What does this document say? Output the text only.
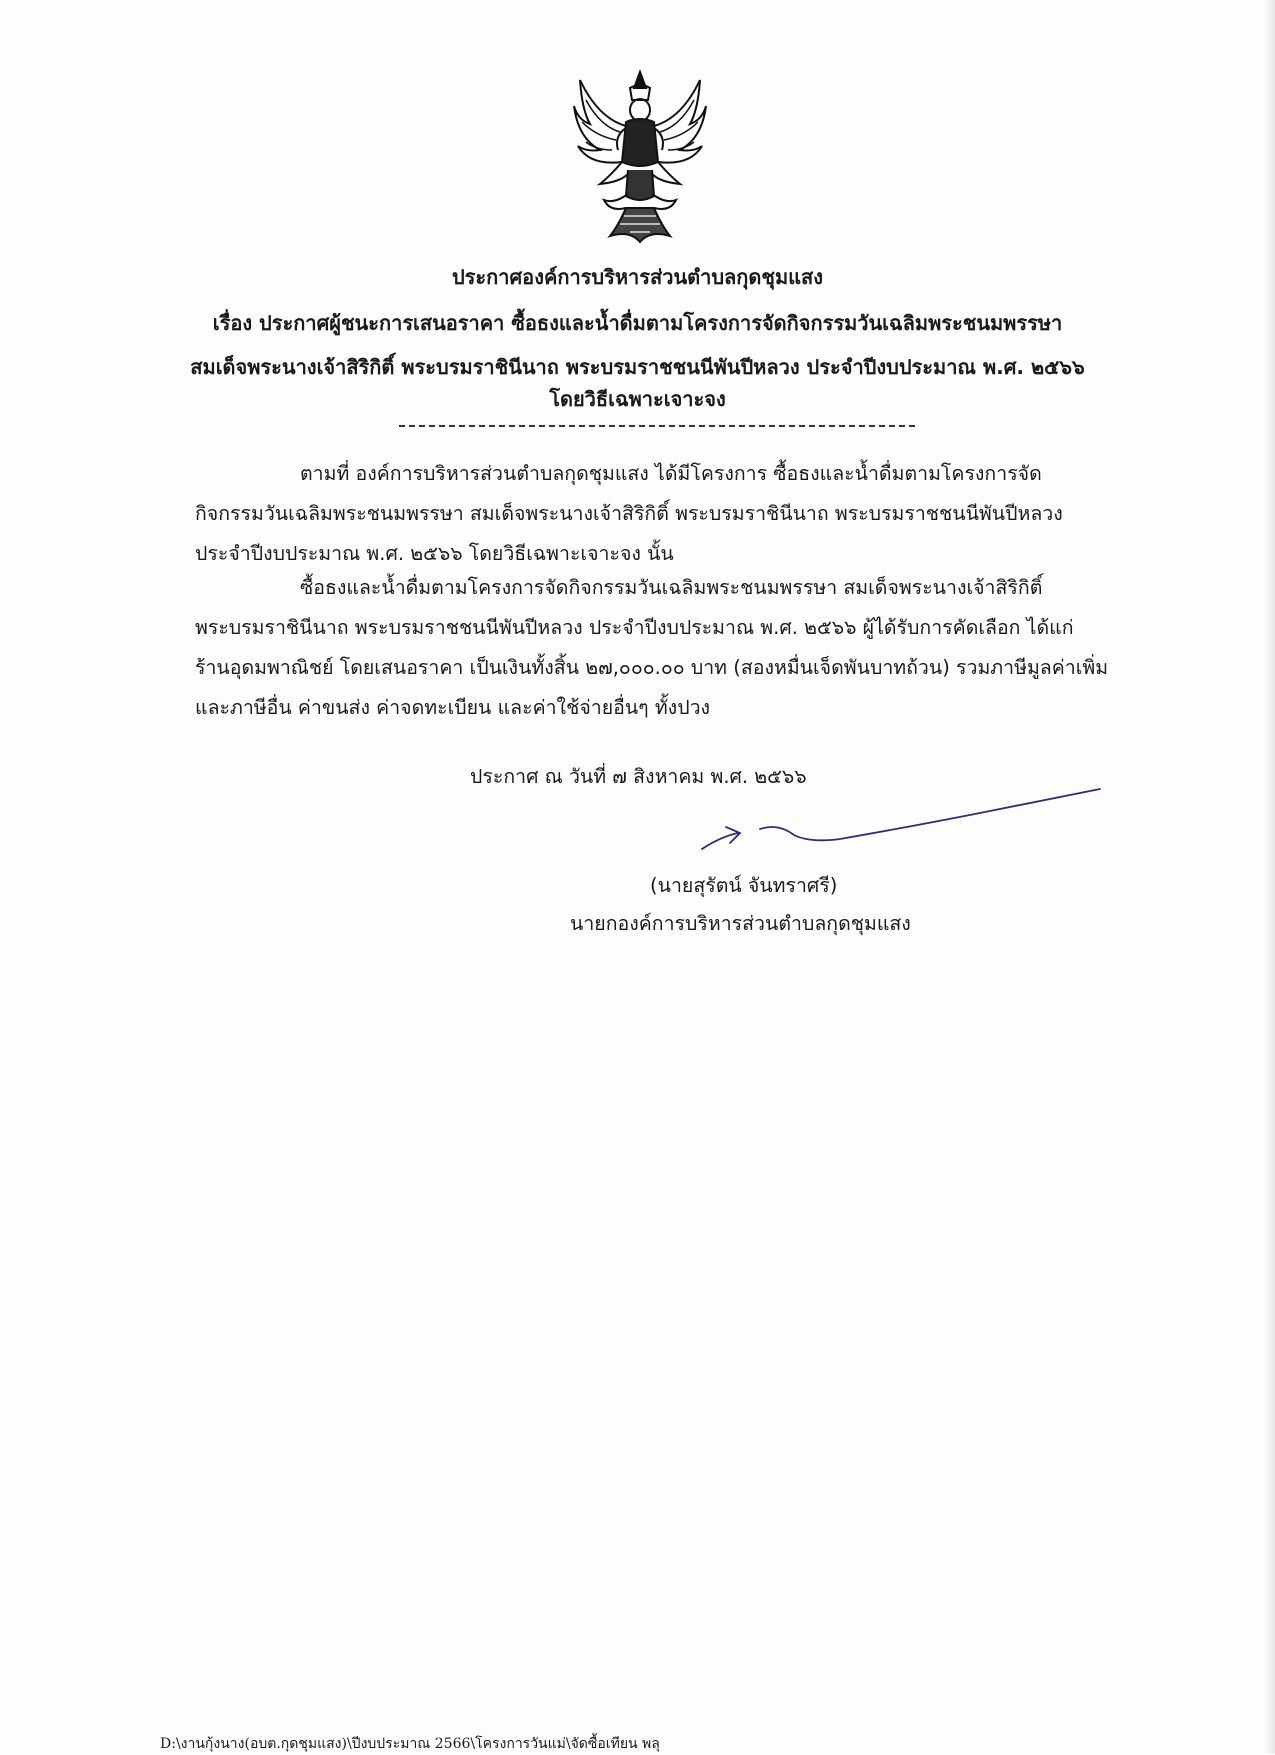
ประกาศองค์การบริหารส่วนตำบลกุดชุมแสง
เรื่อง ประกาศผู้ชนะการเสนอราคา ซื้อธงและน้ำดื่มตามโครงการจัดกิจกรรมวันเฉลิมพระชนมพรรษา
สมเด็จพระนางเจ้าสิริกิติ์ พระบรมราชินีนาถ พระบรมราชชนนีพันปีหลวง ประจำปีงบประมาณ พ.ศ. ๒๕๖๖
โดยวิธีเฉพาะเจาะจง
ตามที่ องค์การบริหารส่วนตำบลกุดชุมแสง ได้มีโครงการ ซื้อธงและน้ำดื่มตามโครงการจัด
กิจกรรมวันเฉลิมพระชนมพรรษา สมเด็จพระนางเจ้าสิริกิติ์ พระบรมราชินีนาถ พระบรมราชชนนีพันปีหลวง
ประจำปีงบประมาณ พ.ศ. ๒๕๖๖ โดยวิธีเฉพาะเจาะจง นั้น
ซื้อธงและน้ำดื่มตามโครงการจัดกิจกรรมวันเฉลิมพระชนมพรรษา สมเด็จพระนางเจ้าสิริกิติ์
พระบรมราชินีนาถ พระบรมราชชนนีพันปีหลวง ประจำปีงบประมาณ พ.ศ. ๒๕๖๖ ผู้ได้รับการคัดเลือก ได้แก่
ร้านอุดมพาณิชย์ โดยเสนอราคา เป็นเงินทั้งสิ้น ๒๗,๐๐๐.๐๐ บาท (สองหมื่นเจ็ดพันบาทถ้วน) รวมภาษีมูลค่าเพิ่ม
และภาษีอื่น ค่าขนส่ง ค่าจดทะเบียน และค่าใช้จ่ายอื่นๆ ทั้งปวง
ประกาศ ณ วันที่ ๗ สิงหาคม พ.ศ. ๒๕๖๖
(นายสุรัตน์ จันทราศรี)
นายกองค์การบริหารส่วนตำบลกุดชุมแสง
D:\งานกุ้งนาง(อบต.กุดชุมแสง)\ปีงบประมาณ 2566\โครงการวันแม่\จัดซื้อเทียน พลุ
